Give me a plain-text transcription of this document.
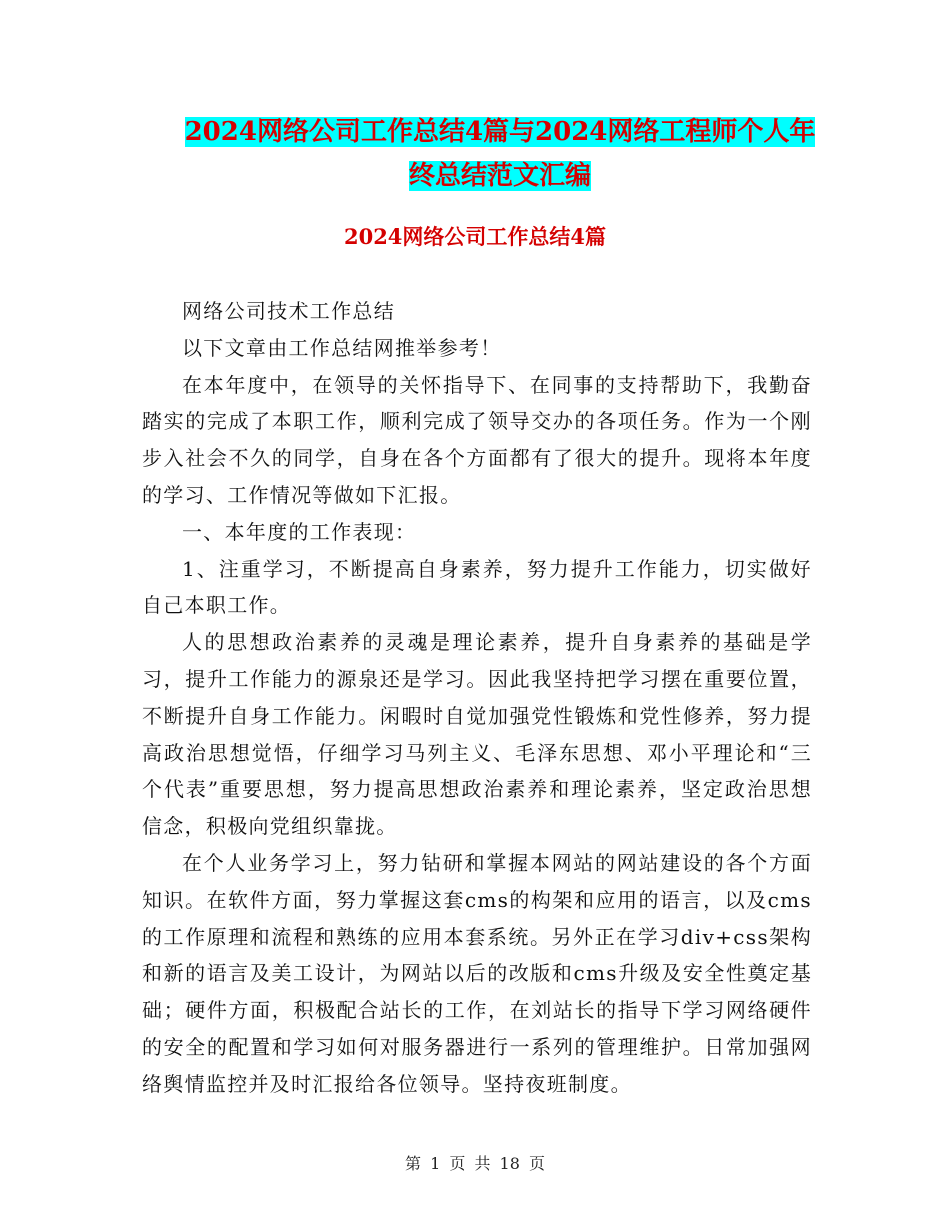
2024网络公司工作总结4篇与2024网络工程师个人年
终总结范文汇编
2024网络公司工作总结4篇

网络公司技术工作总结

以下文章由工作总结网推举参考！

在本年度中，在领导的关怀指导下、在同事的支持帮助下，我勤奋踏实的完成了本职工作，顺利完成了领导交办的各项任务。作为一个刚步入社会不久的同学，自身在各个方面都有了很大的提升。现将本年度的学习、工作情况等做如下汇报。

一、本年度的工作表现：

1、注重学习，不断提高自身素养，努力提升工作能力，切实做好自己本职工作。

人的思想政治素养的灵魂是理论素养，提升自身素养的基础是学习，提升工作能力的源泉还是学习。因此我坚持把学习摆在重要位置，不断提升自身工作能力。闲暇时自觉加强党性锻炼和党性修养，努力提高政治思想觉悟，仔细学习马列主义、毛泽东思想、邓小平理论和“三个代表”重要思想，努力提高思想政治素养和理论素养，坚定政治思想信念，积极向党组织靠拢。

在个人业务学习上，努力钻研和掌握本网站的网站建设的各个方面知识。在软件方面，努力掌握这套cms的构架和应用的语言，以及cms的工作原理和流程和熟练的应用本套系统。另外正在学习div+css架构和新的语言及美工设计，为网站以后的改版和cms升级及安全性奠定基础；硬件方面，积极配合站长的工作，在刘站长的指导下学习网络硬件的安全的配置和学习如何对服务器进行一系列的管理维护。日常加强网络舆情监控并及时汇报给各位领导。坚持夜班制度。

第 1 页 共 18 页
